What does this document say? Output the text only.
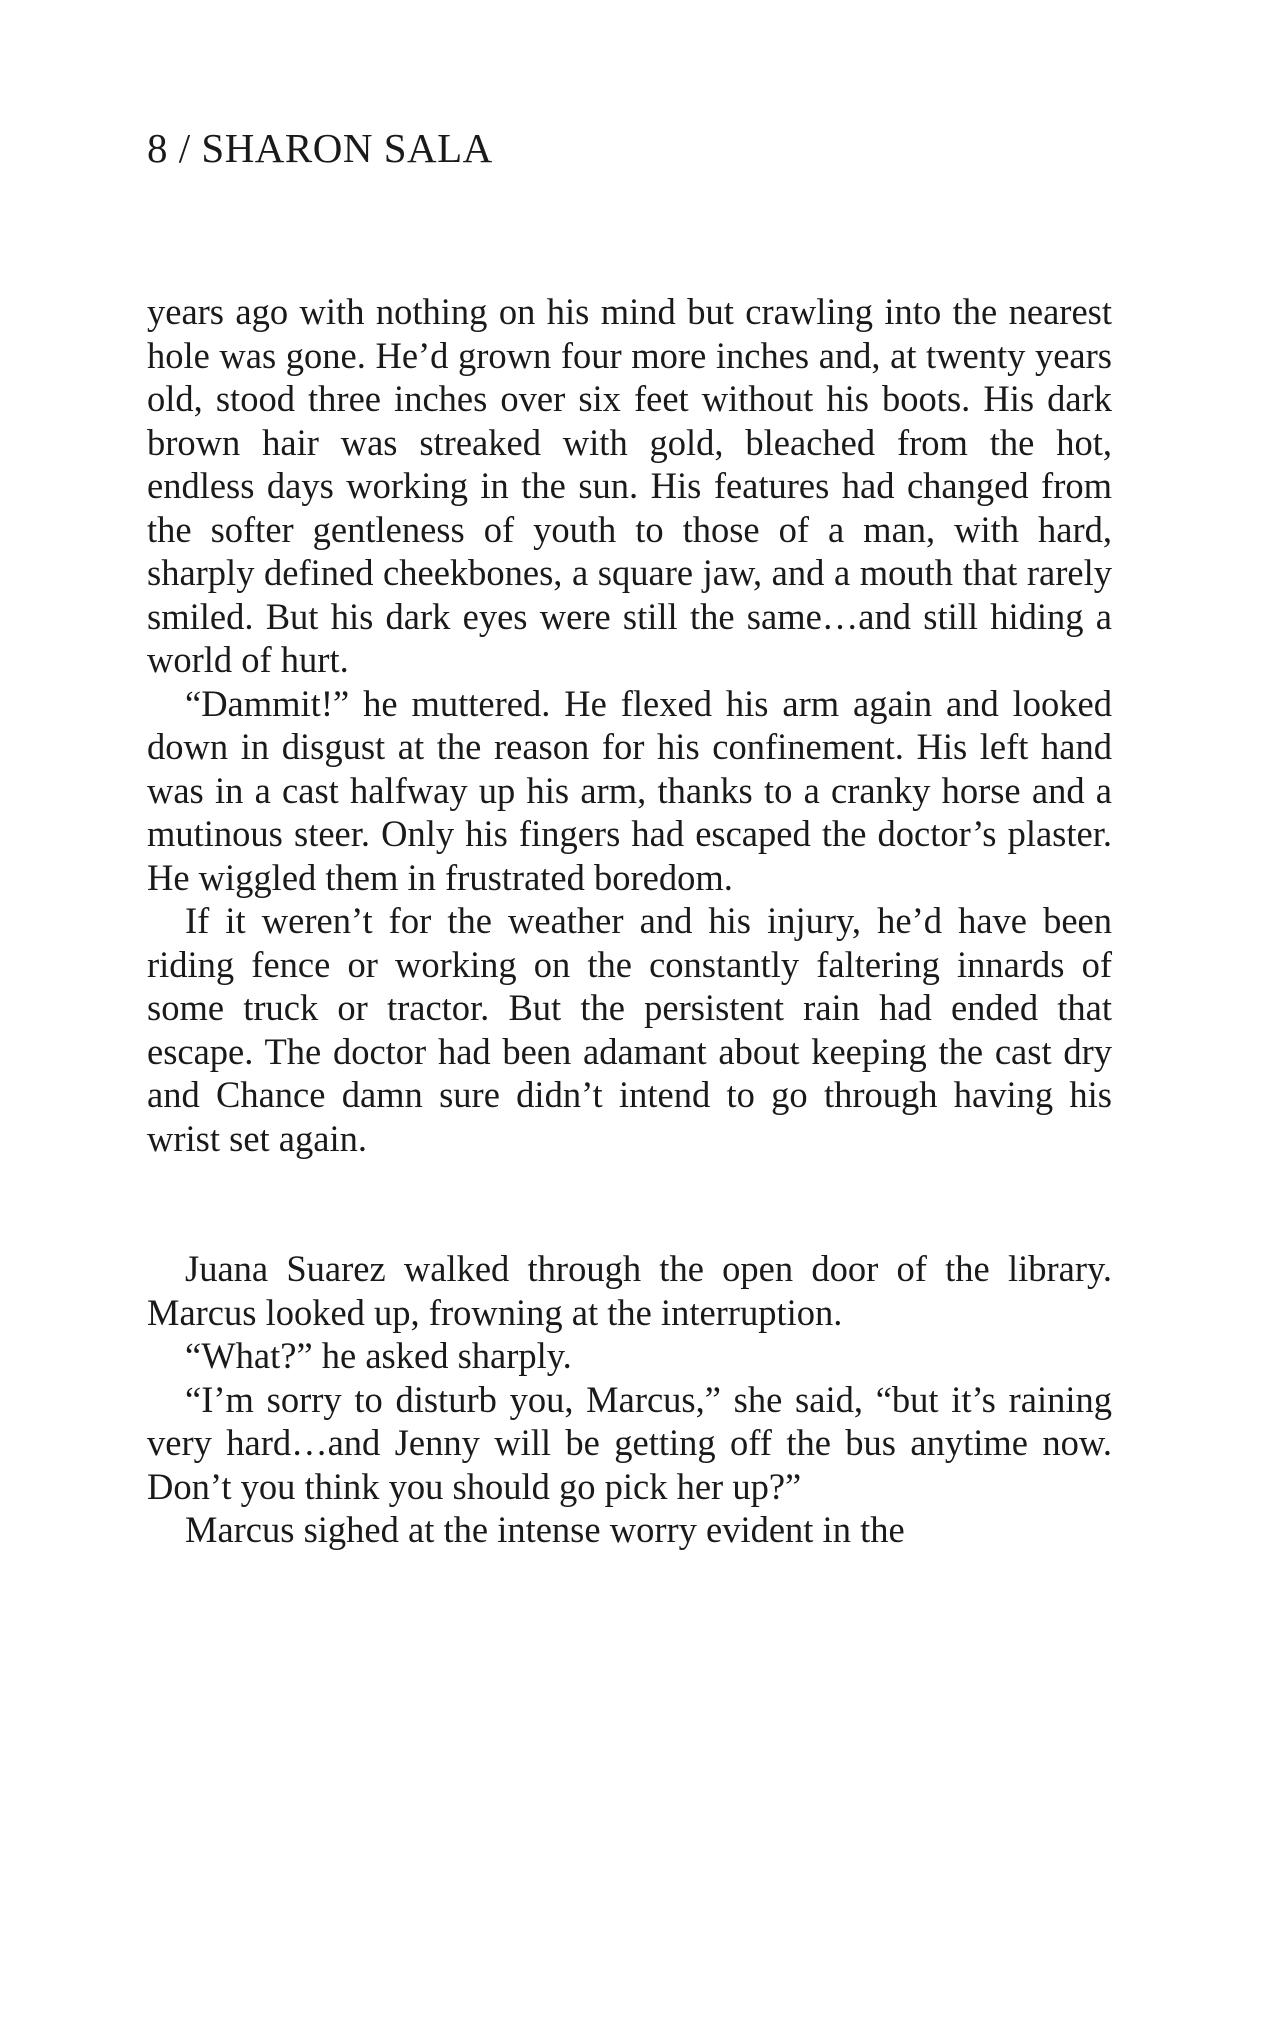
8 / SHARON SALA

years ago with nothing on his mind but crawling into the nearest hole was gone. He’d grown four more inches and, at twenty years old, stood three inches over six feet without his boots. His dark brown hair was streaked with gold, bleached from the hot, endless days working in the sun. His features had changed from the softer gentleness of youth to those of a man, with hard, sharply defined cheekbones, a square jaw, and a mouth that rarely smiled. But his dark eyes were still the same…and still hiding a world of hurt.

“Dammit!” he muttered. He flexed his arm again and looked down in disgust at the reason for his confinement. His left hand was in a cast halfway up his arm, thanks to a cranky horse and a mutinous steer. Only his fingers had escaped the doctor’s plaster. He wiggled them in frustrated boredom.

If it weren’t for the weather and his injury, he’d have been riding fence or working on the constantly faltering innards of some truck or tractor. But the persistent rain had ended that escape. The doctor had been adamant about keeping the cast dry and Chance damn sure didn’t intend to go through having his wrist set again.

Juana Suarez walked through the open door of the library. Marcus looked up, frowning at the interruption.

“What?” he asked sharply.

“I’m sorry to disturb you, Marcus,” she said, “but it’s raining very hard…and Jenny will be getting off the bus anytime now. Don’t you think you should go pick her up?”

Marcus sighed at the intense worry evident in the
